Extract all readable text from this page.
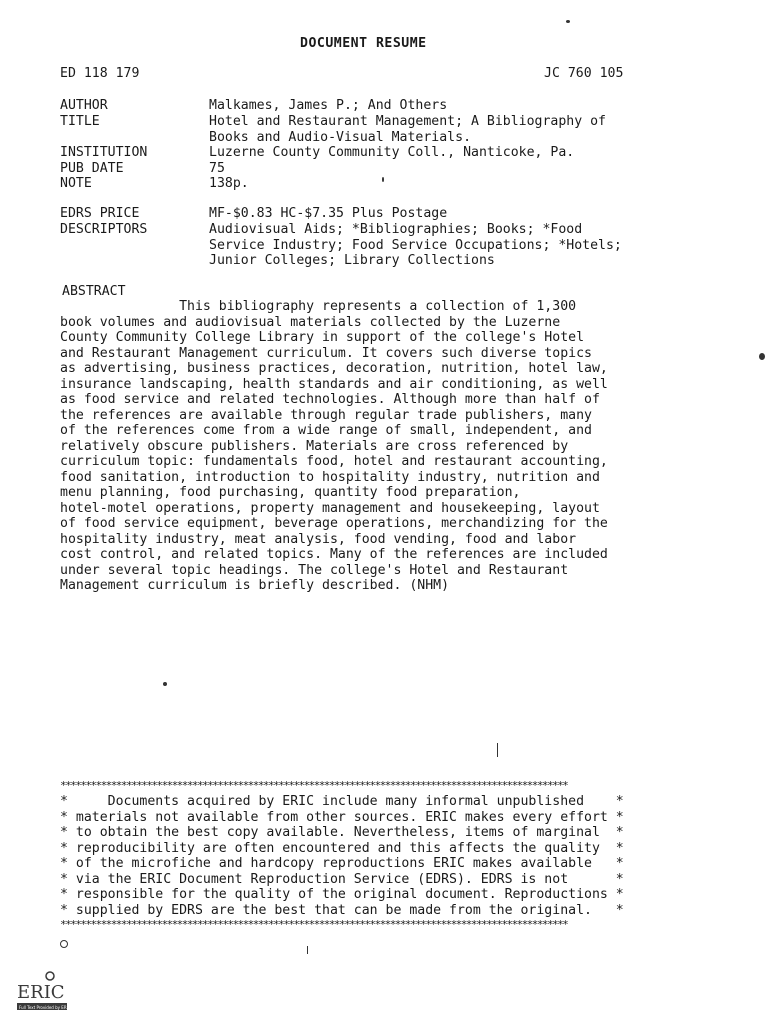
DOCUMENT RESUME
ED 118 179	JC 760 105
AUTHOR	Malkames, James P.; And Others
TITLE	Hotel and Restaurant Management; A Bibliography of
Books and Audio-Visual Materials.
INSTITUTION	Luzerne County Community Coll., Nanticoke, Pa.
PUB DATE	75
NOTE	138p.
EDRS PRICE	MF-$0.83 HC-$7.35 Plus Postage
DESCRIPTORS	Audiovisual Aids; *Bibliographies; Books; *Food
Service Industry; Food Service Occupations; *Hotels;
Junior Colleges; Library Collections
ABSTRACT
This bibliography represents a collection of 1,300
book volumes and audiovisual materials collected by the Luzerne
County Community College Library in support of the college's Hotel
and Restaurant Management curriculum. It covers such diverse topics
as advertising, business practices, decoration, nutrition, hotel law,
insurance landscaping, health standards and air conditioning, as well
as food service and related technologies. Although more than half of
the references are available through regular trade publishers, many
of the references come from a wide range of small, independent, and
relatively obscure publishers. Materials are cross referenced by
curriculum topic: fundamentals food, hotel and restaurant accounting,
food sanitation, introduction to hospitality industry, nutrition and
menu planning, food purchasing, quantity food preparation,
hotel-motel operations, property management and housekeeping, layout
of food service equipment, beverage operations, merchandizing for the
hospitality industry, meat analysis, food vending, food and labor
cost control, and related topics. Many of the references are included
under several topic headings. The college's Hotel and Restaurant
Management curriculum is briefly described. (NHM)
****************************************************************************************************
*     Documents acquired by ERIC include many informal unpublished    *
* materials not available from other sources. ERIC makes every effort *
* to obtain the best copy available. Nevertheless, items of marginal  *
* reproducibility are often encountered and this affects the quality  *
* of the microfiche and hardcopy reproductions ERIC makes available   *
* via the ERIC Document Reproduction Service (EDRS). EDRS is not      *
* responsible for the quality of the original document. Reproductions *
* supplied by EDRS are the best that can be made from the original.   *
****************************************************************************************************
ERIC
Full Text Provided by ERIC
